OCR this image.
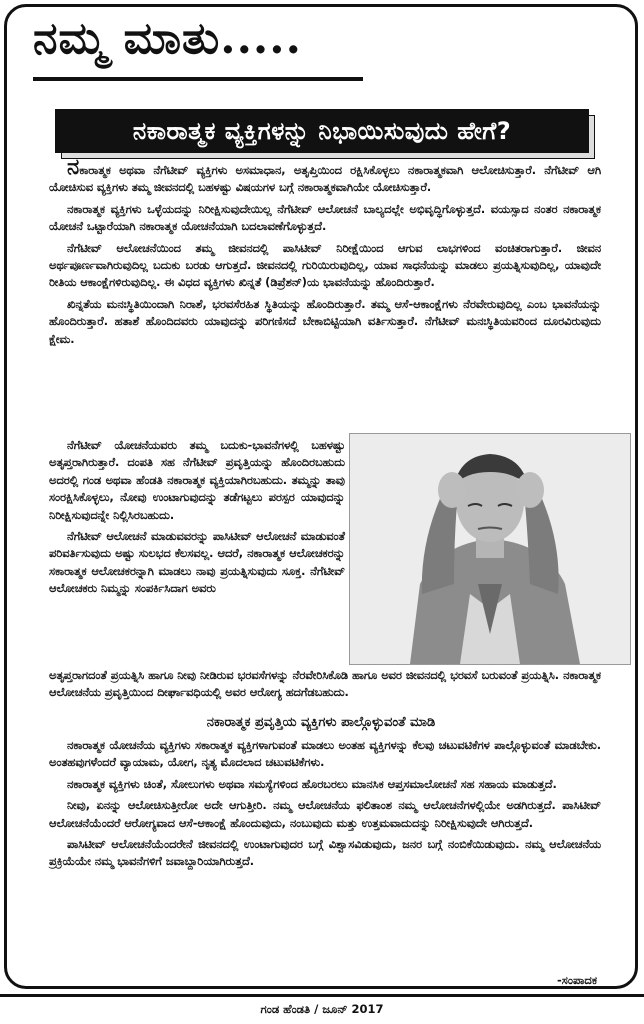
ನಮ್ಮ ಮಾತು.....
ನಕಾರಾತ್ಮಕ ವ್ಯಕ್ತಿಗಳನ್ನು ನಿಭಾಯಿಸುವುದು ಹೇಗೆ?

ನಕಾರಾತ್ಮಕ ಅಥವಾ ನೆಗೆಟೀವ್ ವ್ಯಕ್ತಿಗಳು ಅಸಮಾಧಾನ, ಅತೃಪ್ತಿಯಿಂದ ರಕ್ಷಿಸಿಕೊಳ್ಳಲು ನಕಾರಾತ್ಮಕವಾಗಿ ಆಲೋಚಿಸುತ್ತಾರೆ. ನೆಗೆಟೀವ್ ಆಗಿ ಯೋಚಿಸುವ ವ್ಯಕ್ತಿಗಳು ತಮ್ಮ ಜೀವನದಲ್ಲಿ ಬಹಳಷ್ಟು ವಿಷಯಗಳ ಬಗ್ಗೆ ನಕಾರಾತ್ಮಕವಾಗಿಯೇ ಯೋಚಿಸುತ್ತಾರೆ.

ನಕಾರಾತ್ಮಕ ವ್ಯಕ್ತಿಗಳು ಒಳ್ಳೆಯದನ್ನು ನಿರೀಕ್ಷಿಸುವುದೇಯಿಲ್ಲ ನೆಗೆಟೀವ್ ಆಲೋಚನೆ ಬಾಲ್ಯದಲ್ಲೇ ಅಭಿವೃದ್ಧಿಗೊಳ್ಳುತ್ತದೆ. ವಯಸ್ಸಾದ ನಂತರ ನಕಾರಾತ್ಮಕ ಯೋಚನೆ ಒಟ್ಟಾರೆಯಾಗಿ ನಕಾರಾತ್ಮಕ ಯೋಚನೆಯಾಗಿ ಬದಲಾವಣೆಗೊಳ್ಳುತ್ತದೆ.

ನೆಗೆಟೀವ್ ಆಲೋಚನೆಯಿಂದ ತಮ್ಮ ಜೀವನದಲ್ಲಿ ಪಾಸಿಟೀವ್ ನಿರೀಕ್ಷೆಯಿಂದ ಆಗುವ ಲಾಭಗಳಿಂದ ವಂಚಿತರಾಗುತ್ತಾರೆ. ಜೀವನ ಅರ್ಥಪೂರ್ಣವಾಗಿರುವುದಿಲ್ಲ ಬದುಕು ಬರಡು ಆಗುತ್ತದೆ. ಜೀವನದಲ್ಲಿ ಗುರಿಯಿರುವುದಿಲ್ಲ, ಯಾವ ಸಾಧನೆಯನ್ನು ಮಾಡಲು ಪ್ರಯತ್ನಿಸುವುದಿಲ್ಲ, ಯಾವುದೇ ರೀತಿಯ ಆಕಾಂಕ್ಷೆಗಳಿರುವುದಿಲ್ಲ. ಈ ವಿಧದ ವ್ಯಕ್ತಿಗಳು ಖಿನ್ನತೆ (ಡಿಪ್ರೆಶನ್)ಯ ಭಾವನೆಯನ್ನು ಹೊಂದಿರುತ್ತಾರೆ.

ಖಿನ್ನತೆಯ ಮನಃಸ್ಥಿತಿಯಿಂದಾಗಿ ನಿರಾಶೆ, ಭರವಸೆರಹಿತ ಸ್ಥಿತಿಯನ್ನು ಹೊಂದಿರುತ್ತಾರೆ. ತಮ್ಮ ಆಸೆ-ಆಕಾಂಕ್ಷೆಗಳು ನೆರವೇರುವುದಿಲ್ಲ ಎಂಬ ಭಾವನೆಯನ್ನು ಹೊಂದಿರುತ್ತಾರೆ. ಹತಾಶೆ ಹೊಂದಿದವರು ಯಾವುದನ್ನು ಪರಿಗಣಿಸದೆ ಬೇಕಾಬಿಟ್ಟಿಯಾಗಿ ವರ್ತಿಸುತ್ತಾರೆ. ನೆಗೆಟೀವ್ ಮನಃಸ್ಥಿತಿಯವರಿಂದ ದೂರವಿರುವುದು ಕ್ಷೇಮ.

ನೆಗೆಟೀವ್ ಯೋಚನೆಯವರು ತಮ್ಮ ಬದುಕು-ಭಾವನೆಗಳಲ್ಲಿ ಬಹಳಷ್ಟು ಅತೃಪ್ತರಾಗಿರುತ್ತಾರೆ. ದಂಪತಿ ಸಹ ನೆಗೆಟೀವ್ ಪ್ರವೃತ್ತಿಯನ್ನು ಹೊಂದಿರಬಹುದು ಅದರಲ್ಲಿ ಗಂಡ ಅಥವಾ ಹೆಂಡತಿ ನಕಾರಾತ್ಮಕ ವ್ಯಕ್ತಿಯಾಗಿರಬಹುದು. ತಮ್ಮನ್ನು ತಾವು ಸಂರಕ್ಷಿಸಿಕೊಳ್ಳಲು, ನೋವು ಉಂಟಾಗುವುದನ್ನು ತಡೆಗಟ್ಟಲು ಪರಸ್ಪರ ಯಾವುದನ್ನು ನಿರೀಕ್ಷಿಸುವುದನ್ನೇ ನಿಲ್ಲಿಸಿರಬಹುದು.

ನೆಗೆಟೀವ್ ಆಲೋಚನೆ ಮಾಡುವವರನ್ನು ಪಾಸಿಟೀವ್ ಆಲೋಚನೆ ಮಾಡುವಂತೆ ಪರಿವರ್ತಿಸುವುದು ಅಷ್ಟು ಸುಲಭದ ಕೆಲಸವಲ್ಲ. ಆದರೆ, ನಕಾರಾತ್ಮಕ ಆಲೋಚಕರನ್ನು ಸಕಾರಾತ್ಮಕ ಆಲೋಚಕರನ್ನಾಗಿ ಮಾಡಲು ನಾವು ಪ್ರಯತ್ನಿಸುವುದು ಸೂಕ್ತ. ನೆಗೆಟೀವ್ ಆಲೋಚಕರು ನಿಮ್ಮನ್ನು ಸಂಪರ್ಕಿಸಿದಾಗ ಅವರು

ಅತೃಪ್ತರಾಗದಂತೆ ಪ್ರಯತ್ನಿಸಿ ಹಾಗೂ ನೀವು ನೀಡಿರುವ ಭರವಸೆಗಳನ್ನು ನೆರವೇರಿಸಿಕೊಡಿ ಹಾಗೂ ಅವರ ಜೀವನದಲ್ಲಿ ಭರವಸೆ ಬರುವಂತೆ ಪ್ರಯತ್ನಿಸಿ. ನಕಾರಾತ್ಮಕ ಆಲೋಚನೆಯ ಪ್ರವೃತ್ತಿಯಿಂದ ದೀರ್ಘಾವಧಿಯಲ್ಲಿ ಅವರ ಆರೋಗ್ಯ ಹದಗೆಡಬಹುದು.

ನಕಾರಾತ್ಮಕ ಪ್ರವೃತ್ತಿಯ ವ್ಯಕ್ತಿಗಳು ಪಾಲ್ಗೊಳ್ಳುವಂತೆ ಮಾಡಿ

ನಕಾರಾತ್ಮಕ ಯೋಚನೆಯ ವ್ಯಕ್ತಿಗಳು ಸಕಾರಾತ್ಮಕ ವ್ಯಕ್ತಿಗಳಾಗುವಂತೆ ಮಾಡಲು ಅಂತಹ ವ್ಯಕ್ತಿಗಳನ್ನು ಕೆಲವು ಚಟುವಟಿಕೆಗಳ ಪಾಲ್ಗೊಳ್ಳುವಂತೆ ಮಾಡಬೇಕು. ಅಂತಹವುಗಳೆಂದರೆ ವ್ಯಾಯಾಮ, ಯೋಗ, ನೃತ್ಯ ಮೊದಲಾದ ಚಟುವಟಿಕೆಗಳು.

ನಕಾರಾತ್ಮಕ ವ್ಯಕ್ತಿಗಳು ಚಿಂತೆ, ಸೋಲುಗಳು ಅಥವಾ ಸಮಸ್ಯೆಗಳಿಂದ ಹೊರಬರಲು ಮಾನಸಿಕ ಆಪ್ತಸಮಾಲೋಚನೆ ಸಹ ಸಹಾಯ ಮಾಡುತ್ತದೆ.

ನೀವು, ಏನನ್ನು ಆಲೋಚಿಸುತ್ತೀರೋ ಅದೇ ಆಗುತ್ತೀರಿ. ನಮ್ಮ ಆಲೋಚನೆಯ ಫಲಿತಾಂಶ ನಮ್ಮ ಆಲೋಚನೆಗಳಲ್ಲಿಯೇ ಅಡಗಿರುತ್ತದೆ. ಪಾಸಿಟೀವ್ ಆಲೋಚನೆಯೆಂದರೆ ಆರೋಗ್ಯವಾದ ಆಸೆ-ಆಕಾಂಕ್ಷೆ ಹೊಂದುವುದು, ನಂಬುವುದು ಮತ್ತು ಉತ್ತಮವಾದುದನ್ನು ನಿರೀಕ್ಷಿಸುವುದೇ ಆಗಿರುತ್ತದೆ.

ಪಾಸಿಟೀವ್ ಆಲೋಚನೆಯೆಂದರೇನೆ ಜೀವನದಲ್ಲಿ ಉಂಟಾಗುವುದರ ಬಗ್ಗೆ ವಿಶ್ವಾಸವಿಡುವುದು, ಜನರ ಬಗ್ಗೆ ನಂಬಿಕೆಯಿಡುವುದು. ನಮ್ಮ ಆಲೋಚನೆಯ ಪ್ರಕ್ರಿಯೆಯೇ ನಮ್ಮ ಭಾವನೆಗಳಿಗೆ ಜವಾಬ್ದಾರಿಯಾಗಿರುತ್ತದೆ.

-ಸಂಪಾದಕ
ಗಂಡ ಹೆಂಡತಿ / ಜೂನ್ 2017
